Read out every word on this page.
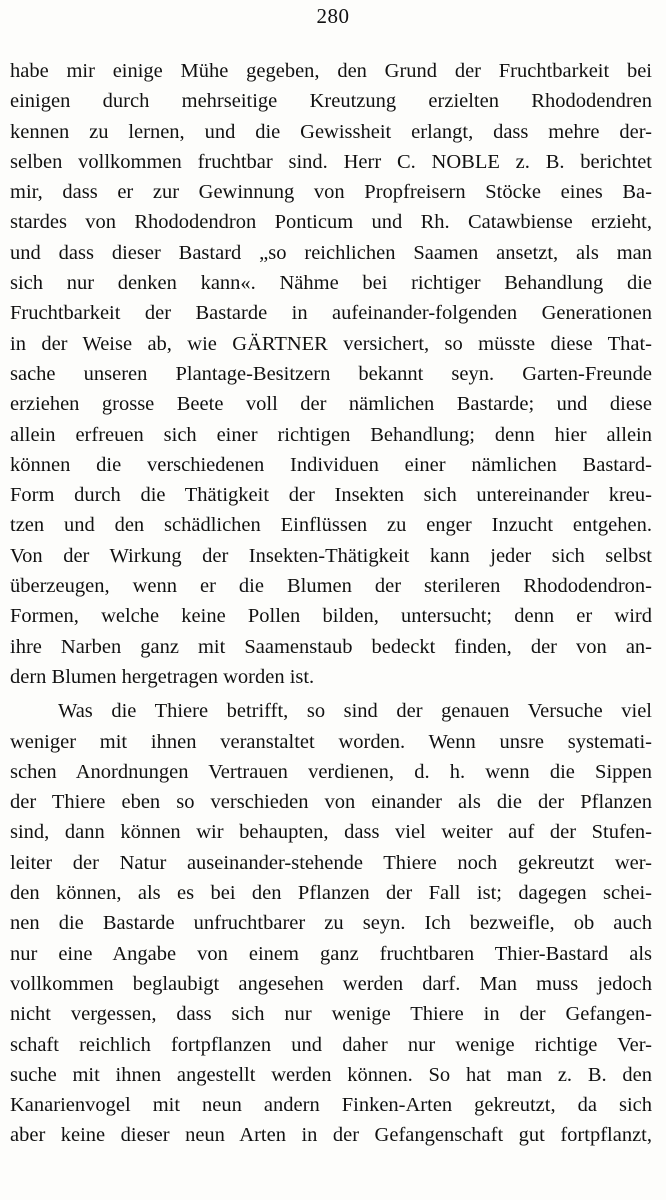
280
habe mir einige Mühe gegeben, den Grund der Fruchtbarkeit bei
einigen durch mehrseitige Kreutzung erzielten Rhododendren
kennen zu lernen, und die Gewissheit erlangt, dass mehre der-
selben vollkommen fruchtbar sind. Herr C. NOBLE z. B. berichtet
mir, dass er zur Gewinnung von Propfreisern Stöcke eines Ba-
stardes von Rhododendron Ponticum und Rh. Catawbiense erzieht,
und dass dieser Bastard „so reichlichen Saamen ansetzt, als man
sich nur denken kann«. Nähme bei richtiger Behandlung die
Fruchtbarkeit der Bastarde in aufeinander-folgenden Generationen
in der Weise ab, wie GÄRTNER versichert, so müsste diese That-
sache unseren Plantage-Besitzern bekannt seyn. Garten-Freunde
erziehen grosse Beete voll der nämlichen Bastarde; und diese
allein erfreuen sich einer richtigen Behandlung; denn hier allein
können die verschiedenen Individuen einer nämlichen Bastard-
Form durch die Thätigkeit der Insekten sich untereinander kreu-
tzen und den schädlichen Einflüssen zu enger Inzucht entgehen.
Von der Wirkung der Insekten-Thätigkeit kann jeder sich selbst
überzeugen, wenn er die Blumen der sterileren Rhododendron-
Formen, welche keine Pollen bilden, untersucht; denn er wird
ihre Narben ganz mit Saamenstaub bedeckt finden, der von an-
dern Blumen hergetragen worden ist.
Was die Thiere betrifft, so sind der genauen Versuche viel
weniger mit ihnen veranstaltet worden. Wenn unsre systemati-
schen Anordnungen Vertrauen verdienen, d. h. wenn die Sippen
der Thiere eben so verschieden von einander als die der Pflanzen
sind, dann können wir behaupten, dass viel weiter auf der Stufen-
leiter der Natur auseinander-stehende Thiere noch gekreutzt wer-
den können, als es bei den Pflanzen der Fall ist; dagegen schei-
nen die Bastarde unfruchtbarer zu seyn. Ich bezweifle, ob auch
nur eine Angabe von einem ganz fruchtbaren Thier-Bastard als
vollkommen beglaubigt angesehen werden darf. Man muss jedoch
nicht vergessen, dass sich nur wenige Thiere in der Gefangen-
schaft reichlich fortpflanzen und daher nur wenige richtige Ver-
suche mit ihnen angestellt werden können. So hat man z. B. den
Kanarienvogel mit neun andern Finken-Arten gekreutzt, da sich
aber keine dieser neun Arten in der Gefangenschaft gut fortpflanzt,
